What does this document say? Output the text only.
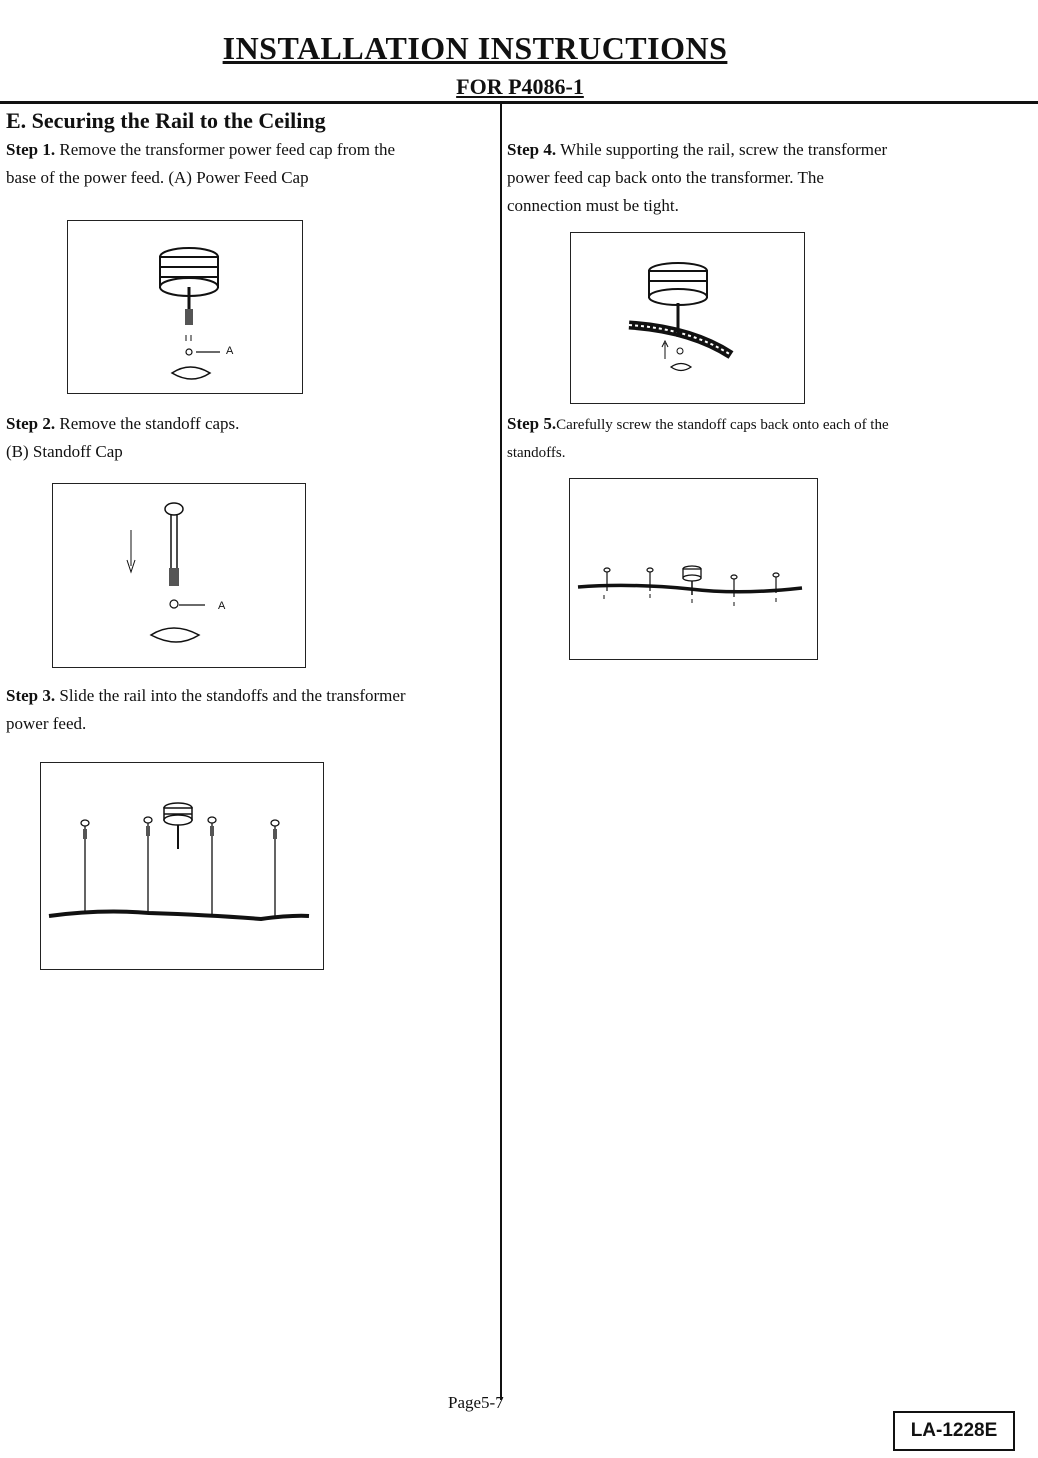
INSTALLATION INSTRUCTIONS
FOR P4086-1
E. Securing the Rail to the Ceiling
Step 1. Remove the transformer power feed cap from the
base of the power feed. (A) Power Feed Cap
A
Step 2. Remove the standoff caps.
(B) Standoff Cap
A
Step 3. Slide the rail into the standoffs and the transformer
power feed.
Step 4. While supporting the rail, screw the transformer
power feed cap back onto the transformer. The
connection must be tight.
Step 5.Carefully screw the standoff caps back onto each of the
standoffs.
Page5-7
LA-1228E
